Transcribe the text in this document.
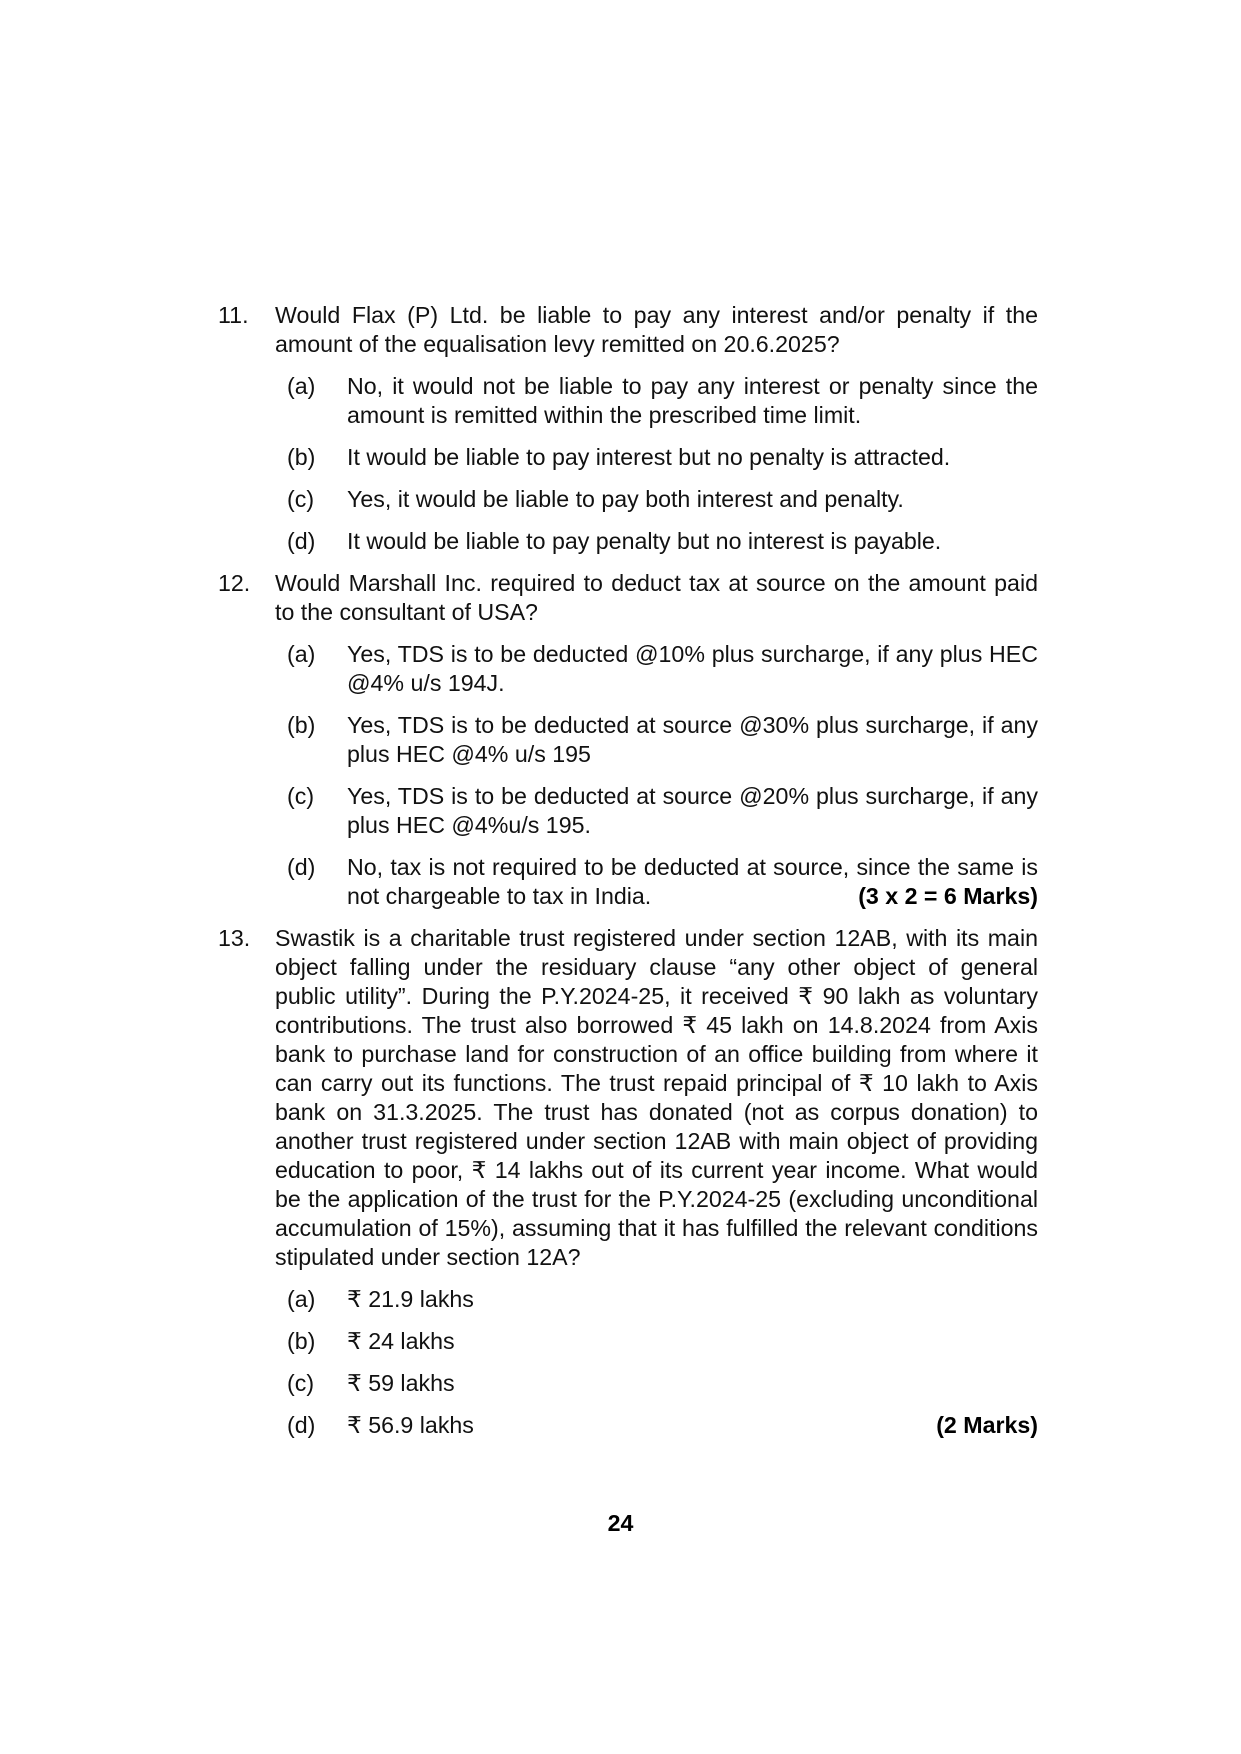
11.	Would Flax (P) Ltd. be liable to pay any interest and/or penalty if the amount of the equalisation levy remitted on 20.6.2025?
(a)	No, it would not be liable to pay any interest or penalty since the amount is remitted within the prescribed time limit.
(b)	It would be liable to pay interest but no penalty is attracted.
(c)	Yes, it would be liable to pay both interest and penalty.
(d)	It would be liable to pay penalty but no interest is payable.
12.	Would Marshall Inc. required to deduct tax at source on the amount paid to the consultant of USA?
(a)	Yes, TDS is to be deducted @10% plus surcharge, if any plus HEC @4% u/s 194J.
(b)	Yes, TDS is to be deducted at source @30% plus surcharge, if any plus HEC @4% u/s 195
(c)	Yes, TDS is to be deducted at source @20% plus surcharge, if any plus HEC @4%u/s 195.
(d)	No, tax is not required to be deducted at source, since the same is not chargeable to tax in India.	(3 x 2 = 6 Marks)
13.	Swastik is a charitable trust registered under section 12AB, with its main object falling under the residuary clause “any other object of general public utility”. During the P.Y.2024-25, it received ₹ 90 lakh as voluntary contributions. The trust also borrowed ₹ 45 lakh on 14.8.2024 from Axis bank to purchase land for construction of an office building from where it can carry out its functions. The trust repaid principal of ₹ 10 lakh to Axis bank on 31.3.2025. The trust has donated (not as corpus donation) to another trust registered under section 12AB with main object of providing education to poor, ₹ 14 lakhs out of its current year income. What would be the application of the trust for the P.Y.2024-25 (excluding unconditional accumulation of 15%), assuming that it has fulfilled the relevant conditions stipulated under section 12A?
(a)	₹ 21.9 lakhs
(b)	₹ 24 lakhs
(c)	₹ 59 lakhs
(d)	₹ 56.9 lakhs	(2 Marks)
24
